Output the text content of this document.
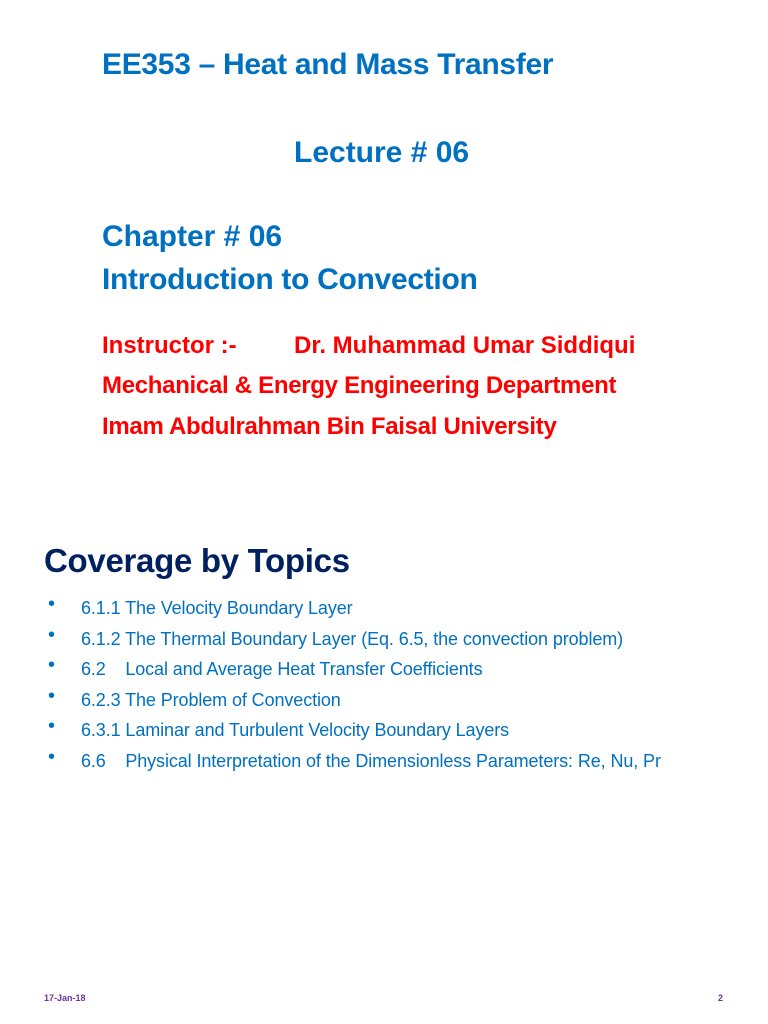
EE353 – Heat and Mass Transfer
Lecture # 06
Chapter # 06
Introduction to Convection
Instructor :- Dr. Muhammad Umar Siddiqui
Mechanical & Energy Engineering Department
Imam Abdulrahman Bin Faisal University
Coverage by Topics
• 6.1.1 The Velocity Boundary Layer
• 6.1.2 The Thermal Boundary Layer (Eq. 6.5, the convection problem)
• 6.2    Local and Average Heat Transfer Coefficients
• 6.2.3 The Problem of Convection
• 6.3.1 Laminar and Turbulent Velocity Boundary Layers
• 6.6    Physical Interpretation of the Dimensionless Parameters: Re, Nu, Pr
17-Jan-18	2
